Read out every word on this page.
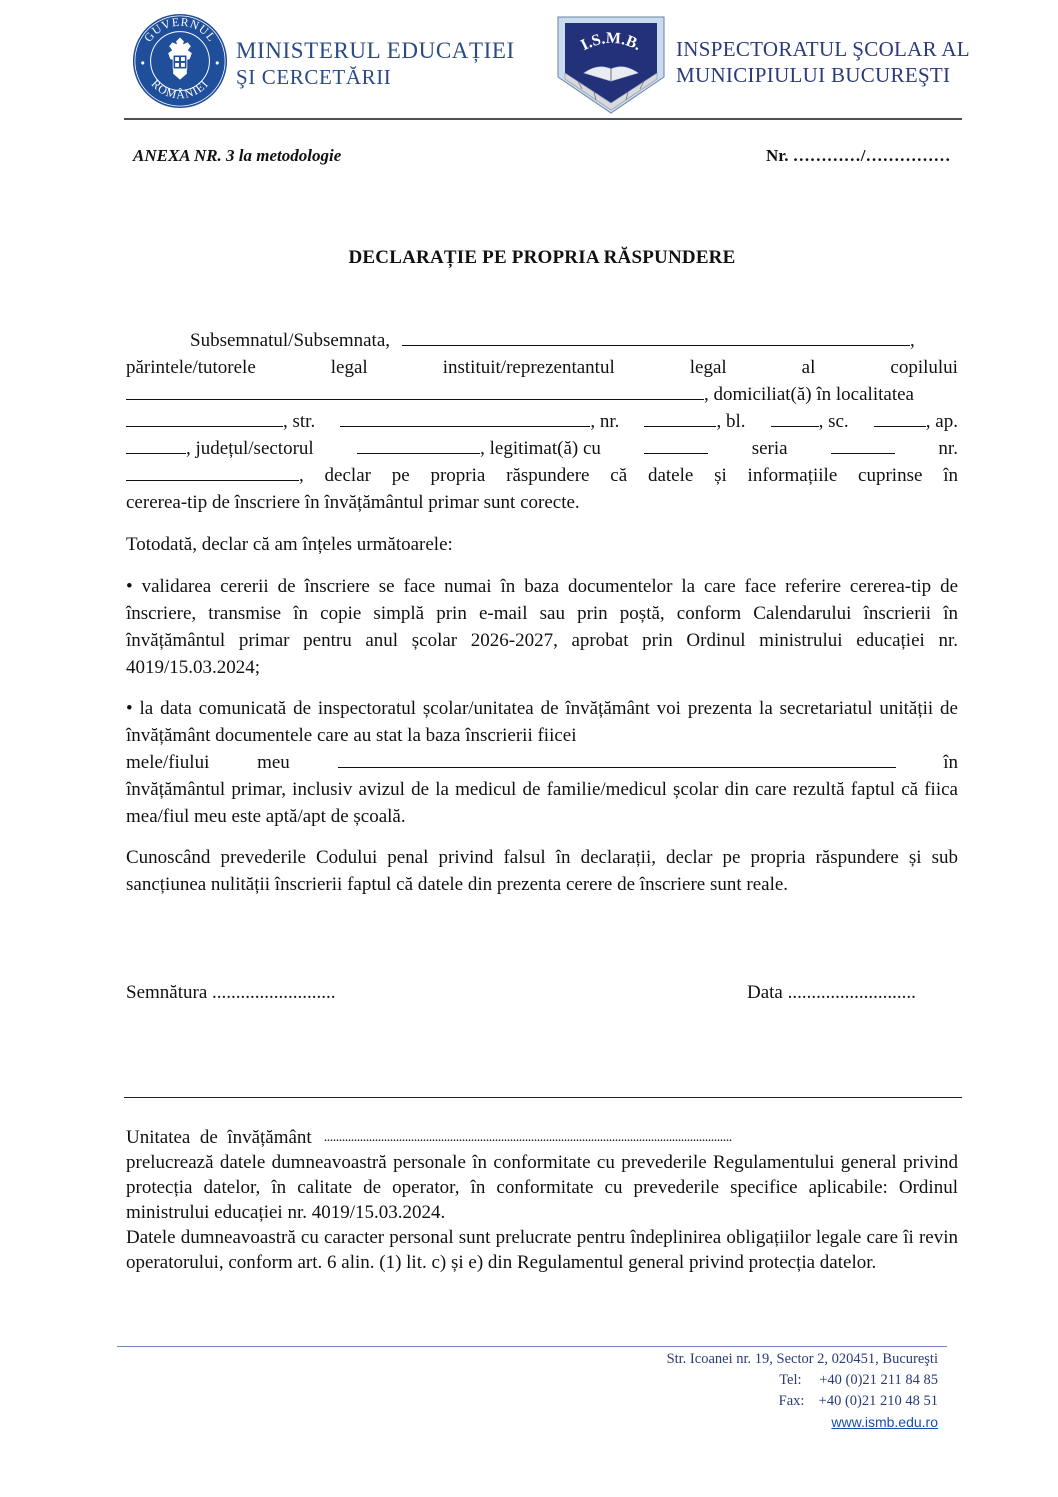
GUVERNUL
ROMÂNIEI
MINISTERUL EDUCAȚIEI
ŞI CERCETĂRII
I.S.M.B. INSPECTORATUL ŞCOLAR AL
MUNICIPIULUI BUCUREŞTI
ANEXA NR. 3 la metodologie	Nr. …………/……………
DECLARAȚIE PE PROPRIA RĂSPUNDERE
Subsemnatul/Subsemnata,	,
părintele/tutorele	legal	instituit/reprezentantul	legal	al	copilului
, domiciliat(ă) în localitatea
, str.	, nr.	, bl.	, sc.	, ap.
, județul/sectorul	, legitimat(ă) cu	seria	nr.
, declar pe propria răspundere că datele și informațiile cuprinse în
cererea-tip de înscriere în învățământul primar sunt corecte.
Totodată, declar că am înțeles următoarele:
• validarea cererii de înscriere se face numai în baza documentelor la care face referire cererea-tip de înscriere, transmise în copie simplă prin e-mail sau prin poștă, conform Calendarului înscrierii în învățământul primar pentru anul școlar 2026-2027, aprobat prin Ordinul ministrului educației nr. 4019/15.03.2024;
• la data comunicată de inspectoratul școlar/unitatea de învățământ voi prezenta la secretariatul unității de învățământ documentele care au stat la baza înscrierii fiicei
mele/fiului	meu	în
învățământul primar, inclusiv avizul de la medicul de familie/medicul școlar din care rezultă faptul că fiica mea/fiul meu este aptă/apt de școală.
Cunoscând prevederile Codului penal privind falsul în declarații, declar pe propria răspundere și sub sancțiunea nulității înscrierii faptul că datele din prezenta cerere de înscriere sunt reale.
Semnătura ..........................	Data ...........................
Unitatea  de  învățământ ........................................................................................................................................
prelucrează datele dumneavoastră personale în conformitate cu prevederile Regulamentului general privind protecția datelor, în calitate de operator, în conformitate cu prevederile specifice aplicabile: Ordinul ministrului educației nr. 4019/15.03.2024.
Datele dumneavoastră cu caracter personal sunt prelucrate pentru îndeplinirea obligațiilor legale care îi revin operatorului, conform art. 6 alin. (1) lit. c) și e) din Regulamentul general privind protecția datelor.
Str. Icoanei nr. 19, Sector 2, 020451, Bucureşti
Tel: +40 (0)21 211 84 85
Fax: +40 (0)21 210 48 51
www.ismb.edu.ro
